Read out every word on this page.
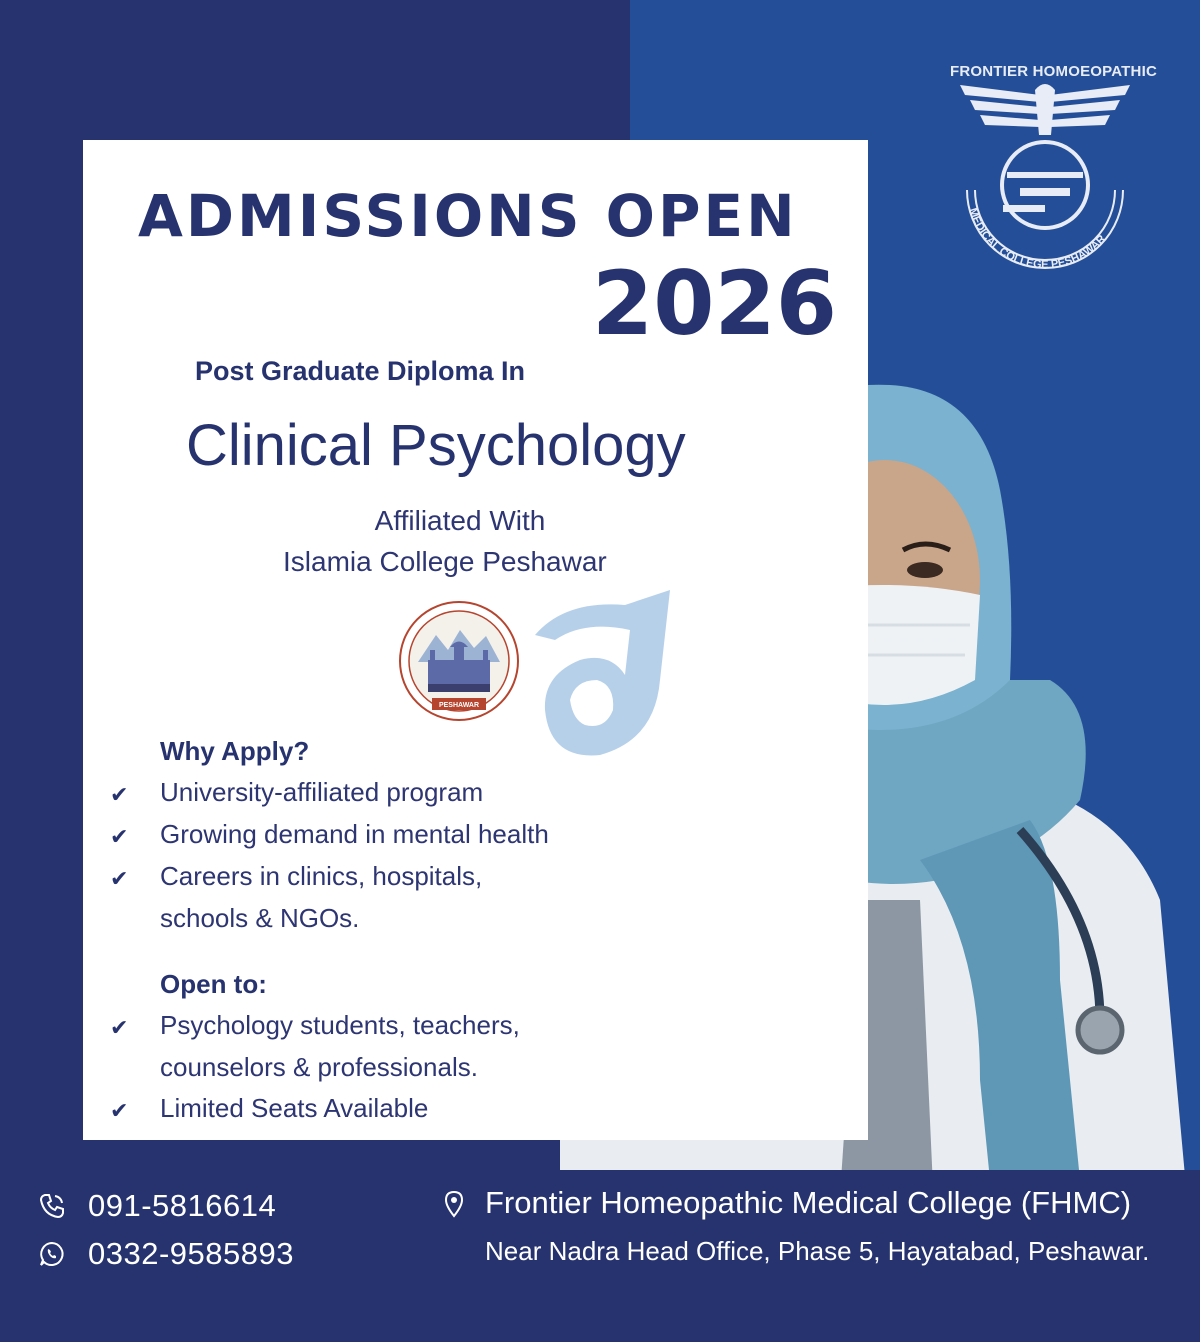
FRONTIER HOMOEOPATHIC
MEDICAL COLLEGE PESHAWAR
ADMISSIONS OPEN
2026
Post Graduate Diploma In
Clinical Psychology
Affiliated With
Islamia College Peshawar
PESHAWAR
Why Apply?
✔ University-affiliated program
✔ Growing demand in mental health
✔ Careers in clinics, hospitals,
schools & NGOs.
Open to:
✔ Psychology students, teachers,
counselors & professionals.
✔ Limited Seats Available
091-5816614
0332-9585893
Frontier Homeopathic Medical College (FHMC)
Near Nadra Head Office, Phase 5, Hayatabad, Peshawar.
